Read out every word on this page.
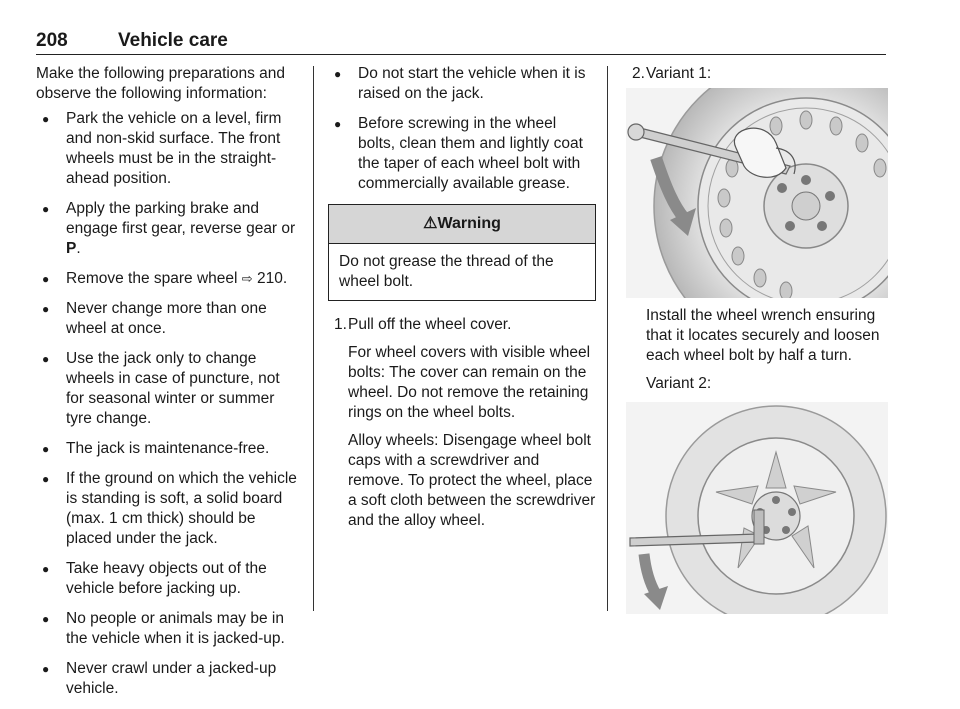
208	Vehicle care

Make the following preparations and observe the following information:

● Park the vehicle on a level, firm and non-skid surface. The front wheels must be in the straight-ahead position.
● Apply the parking brake and engage first gear, reverse gear or P.
● Remove the spare wheel ⇨ 210.
● Never change more than one wheel at once.
● Use the jack only to change wheels in case of puncture, not for seasonal winter or summer tyre change.
● The jack is maintenance-free.
● If the ground on which the vehicle is standing is soft, a solid board (max. 1 cm thick) should be placed under the jack.
● Take heavy objects out of the vehicle before jacking up.
● No people or animals may be in the vehicle when it is jacked-up.
● Never crawl under a jacked-up vehicle.
● Do not start the vehicle when it is raised on the jack.
● Before screwing in the wheel bolts, clean them and lightly coat the taper of each wheel bolt with commercially available grease.
⚠Warning
Do not grease the thread of the wheel bolt.
1. Pull off the wheel cover.

For wheel covers with visible wheel bolts: The cover can remain on the wheel. Do not remove the retaining rings on the wheel bolts.

Alloy wheels: Disengage wheel bolt caps with a screwdriver and remove. To protect the wheel, place a soft cloth between the screwdriver and the alloy wheel.

2. Variant 1:

Install the wheel wrench ensuring that it locates securely and loosen each wheel bolt by half a turn.

Variant 2:
